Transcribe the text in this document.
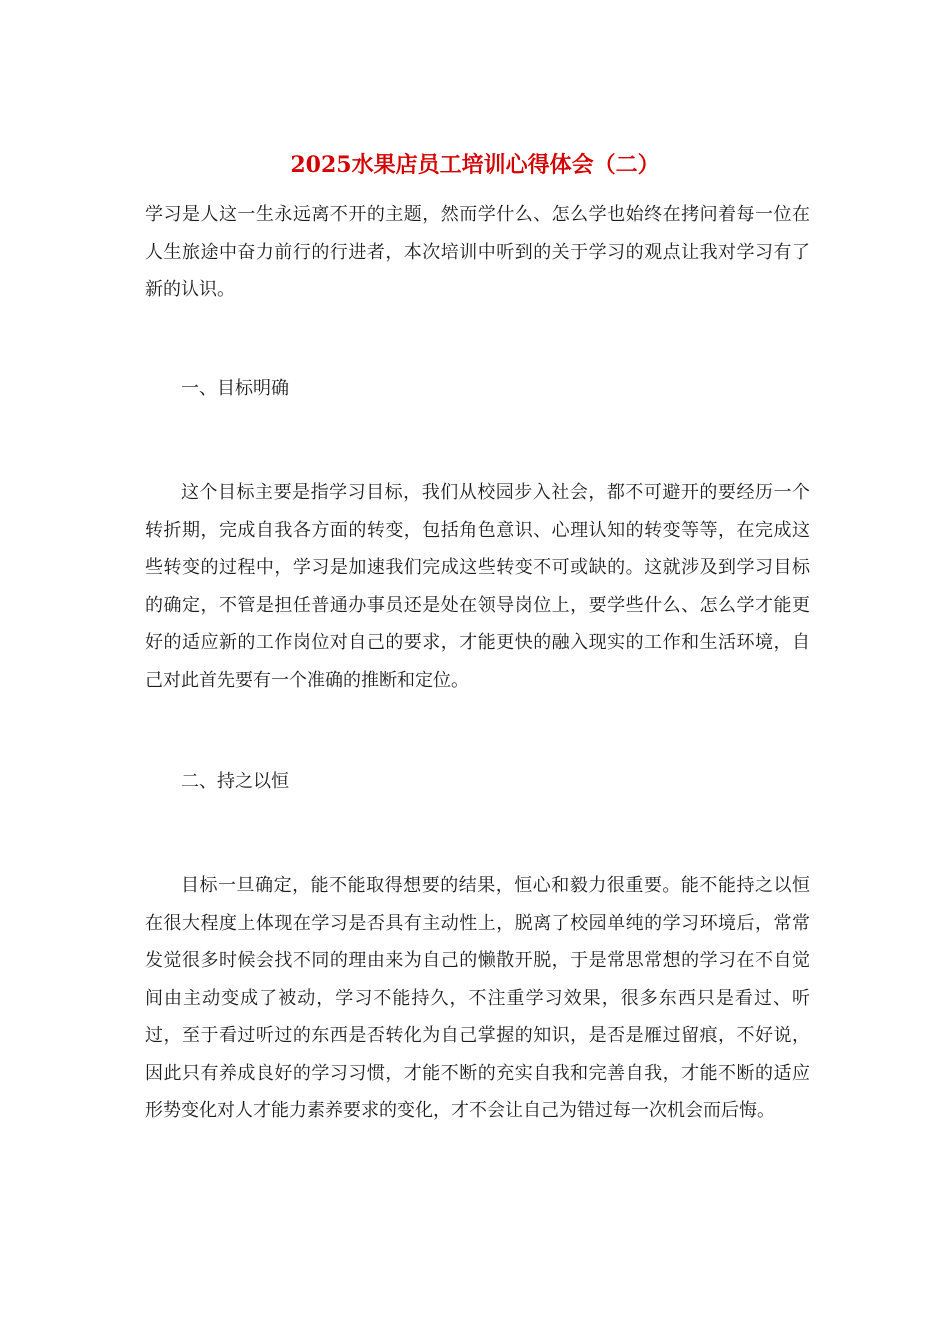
2025水果店员工培训心得体会（二）

学习是人这一生永远离不开的主题，然而学什么、怎么学也始终在拷问着每一位在人生旅途中奋力前行的行进者，本次培训中听到的关于学习的观点让我对学习有了新的认识。

一、目标明确

这个目标主要是指学习目标，我们从校园步入社会，都不可避开的要经历一个转折期，完成自我各方面的转变，包括角色意识、心理认知的转变等等，在完成这些转变的过程中，学习是加速我们完成这些转变不可或缺的。这就涉及到学习目标的确定，不管是担任普通办事员还是处在领导岗位上，要学些什么、怎么学才能更好的适应新的工作岗位对自己的要求，才能更快的融入现实的工作和生活环境，自己对此首先要有一个准确的推断和定位。

二、持之以恒

目标一旦确定，能不能取得想要的结果，恒心和毅力很重要。能不能持之以恒在很大程度上体现在学习是否具有主动性上，脱离了校园单纯的学习环境后，常常发觉很多时候会找不同的理由来为自己的懒散开脱，于是常思常想的学习在不自觉间由主动变成了被动，学习不能持久，不注重学习效果，很多东西只是看过、听过，至于看过听过的东西是否转化为自己掌握的知识，是否是雁过留痕，不好说，因此只有养成良好的学习习惯，才能不断的充实自我和完善自我，才能不断的适应形势变化对人才能力素养要求的变化，才不会让自己为错过每一次机会而后悔。
